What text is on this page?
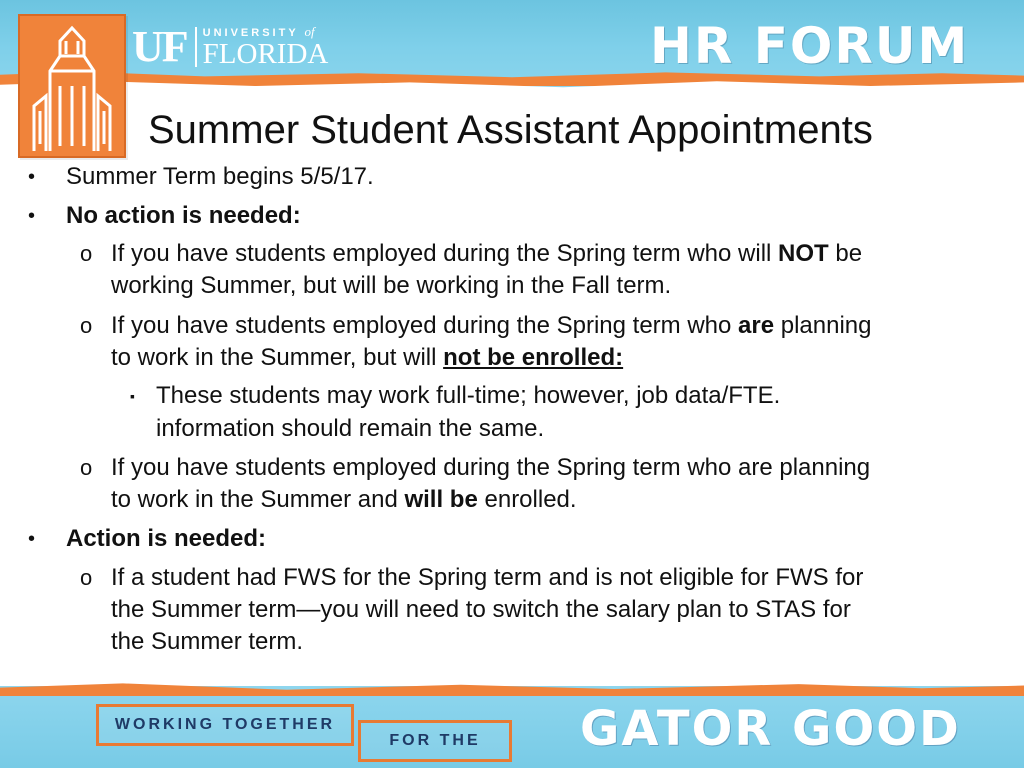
UF UNIVERSITY of
FLORIDA	HR FORUM
Summer Student Assistant Appointments
• Summer Term begins 5/5/17.
• No action is needed:
o If you have students employed during the Spring term who will NOT be
working Summer, but will be working in the Fall term.
o If you have students employed during the Spring term who are planning
to work in the Summer, but will not be enrolled:
▪ These students may work full-time; however, job data/FTE.
information should remain the same.
o If you have students employed during the Spring term who are planning
to work in the Summer and will be enrolled.
• Action is needed:
o If a student had FWS for the Spring term and is not eligible for FWS for
the Summer term—you will need to switch the salary plan to STAS for
the Summer term.
WORKING TOGETHER
FOR THE	GATOR GOOD
